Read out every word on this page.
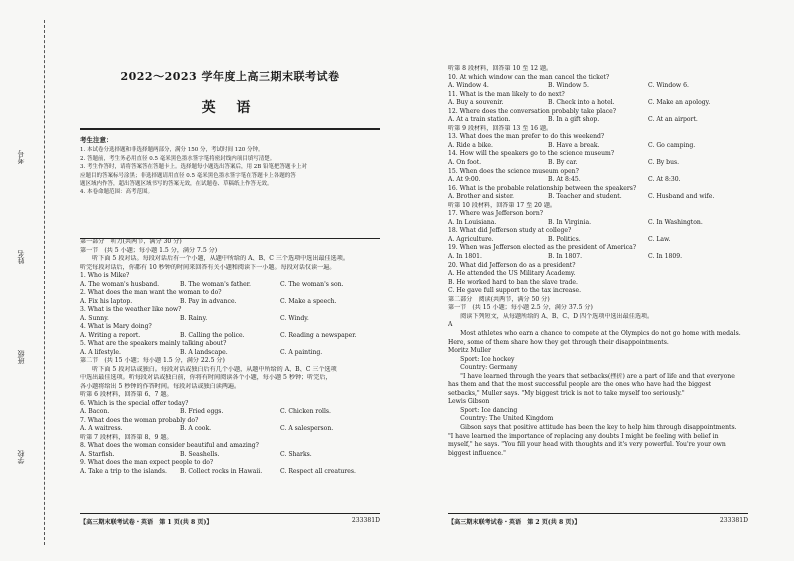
学校
班级
姓名
考号
2022～2023 学年度上高三期末联考试卷
英 语
考生注意：
1. 本试卷分选择题和非选择题两部分，满分 150 分，考试时间 120 分钟。
2. 答题前，考生务必用直径 0.5 毫米黑色墨水签字笔将密封线内项目填写清楚。
3. 考生作答时，请将答案答在答题卡上。选择题每小题选出答案后，用 2B 铅笔把答题卡上对
应题目的答案标号涂黑；非选择题请用直径 0.5 毫米黑色墨水签字笔在答题卡上各题的答
题区域内作答，超出答题区域书写的答案无效，在试题卷、草稿纸上作答无效。
4. 本卷命题范围：高考范围。
第一部分　听力(共两节，满分 30 分)
第一节　(共 5 小题；每小题 1.5 分，满分 7.5 分)
　　听下面 5 段对话。每段对话后有一个小题，从题中所给的 A、B、C 三个选项中选出最佳选项。
听完每段对话后，你都有 10 秒钟的时间来回答有关小题和阅读下一小题。每段对话仅读一遍。
1. Who is Mike?
A. The woman's husband.	B. The woman's father.	C. The woman's son.
2. What does the man want the woman to do?
A. Fix his laptop.	B. Pay in advance.	C. Make a speech.
3. What is the weather like now?
A. Sunny.	B. Rainy.	C. Windy.
4. What is Mary doing?
A. Writing a report.	B. Calling the police.	C. Reading a newspaper.
5. What are the speakers mainly talking about?
A. A lifestyle.	B. A landscape.	C. A painting.
第二节　(共 15 小题；每小题 1.5 分，满分 22.5 分)
　　听下面 5 段对话或独白。每段对话或独白后有几个小题，从题中所给的 A、B、C 三个选项
中选出最佳选项。听每段对话或独白前，你将有时间阅读各个小题，每小题 5 秒钟；听完后，
各小题将给出 5 秒钟的作答时间。每段对话或独白读两遍。
听第 6 段材料，回答第 6、7 题。
6. Which is the special offer today?
A. Bacon.	B. Fried eggs.	C. Chicken rolls.
7. What does the woman probably do?
A. A waitress.	B. A cook.	C. A salesperson.
听第 7 段材料，回答第 8、9 题。
8. What does the woman consider beautiful and amazing?
A. Starfish.	B. Seashells.	C. Sharks.
9. What does the man expect people to do?
A. Take a trip to the islands.	B. Collect rocks in Hawaii.	C. Respect all creatures.
听第 8 段材料，回答第 10 至 12 题。
10. At which window can the man cancel the ticket?
A. Window 4.	B. Window 5.	C. Window 6.
11. What is the man likely to do next?
A. Buy a souvenir.	B. Check into a hotel.	C. Make an apology.
12. Where does the conversation probably take place?
A. At a train station.	B. In a gift shop.	C. At an airport.
听第 9 段材料，回答第 13 至 16 题。
13. What does the man prefer to do this weekend?
A. Ride a bike.	B. Have a break.	C. Go camping.
14. How will the speakers go to the science museum?
A. On foot.	B. By car.	C. By bus.
15. When does the science museum open?
A. At 9:00.	B. At 8:45.	C. At 8:30.
16. What is the probable relationship between the speakers?
A. Brother and sister.	B. Teacher and student.	C. Husband and wife.
听第 10 段材料，回答第 17 至 20 题。
17. Where was Jefferson born?
A. In Louisiana.	B. In Virginia.	C. In Washington.
18. What did Jefferson study at college?
A. Agriculture.	B. Politics.	C. Law.
19. When was Jefferson elected as the president of America?
A. In 1801.	B. In 1807.	C. In 1809.
20. What did Jefferson do as a president?
A. He attended the US Military Academy.
B. He worked hard to ban the slave trade.
C. He gave full support to the tax increase.
第二部分　阅读(共两节，满分 50 分)
第一节　(共 15 小题；每小题 2.5 分，满分 37.5 分)
　　阅读下列短文，从每题所给的 A、B、C、D 四个选项中选出最佳选项。
A
　　Most athletes who earn a chance to compete at the Olympics do not go home with medals.
Here, some of them share how they get through their disappointments.
Moritz Muller
　　Sport: Ice hockey
　　Country: Germany
　　"I have learned through the years that setbacks(挫折) are a part of life and that everyone
has them and that the most successful people are the ones who have had the biggest
setbacks," Muller says. "My biggest trick is not to take myself too seriously."
Lewis Gibson
　　Sport: Ice dancing
　　Country: The United Kingdom
　　Gibson says that positive attitude has been the key to help him through disappointments.
"I have learned the importance of replacing any doubts I might be feeling with belief in
myself," he says. "You fill your head with thoughts and it's very powerful. You're your own
biggest influence."
【高三期末联考试卷・英语　第 1 页(共 8 页)】	233381D	【高三期末联考试卷・英语　第 2 页(共 8 页)】	233381D
